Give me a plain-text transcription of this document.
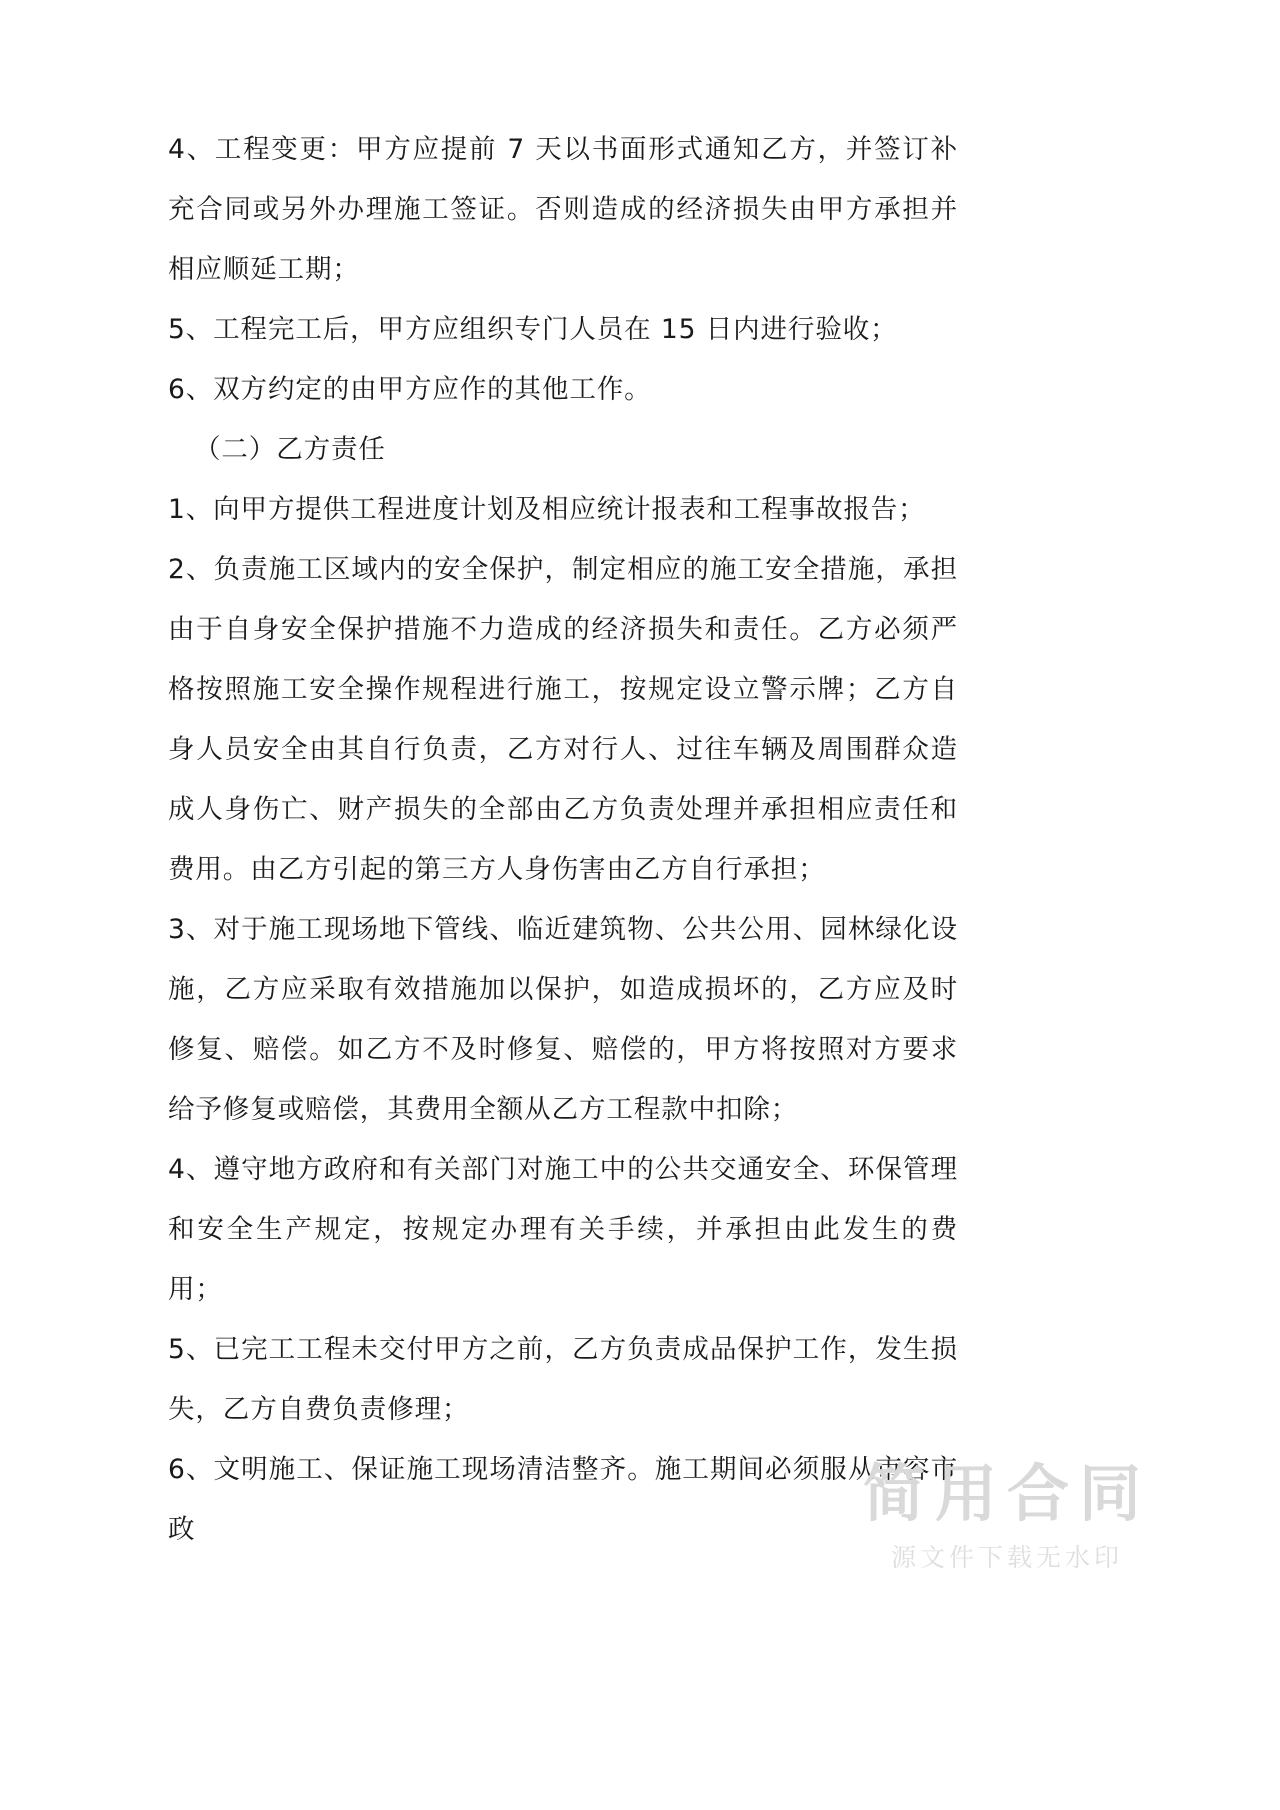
4、工程变更：甲方应提前 7 天以书面形式通知乙方，并签订补充合同或另外办理施工签证。否则造成的经济损失由甲方承担并相应顺延工期；

5、工程完工后，甲方应组织专门人员在 15 日内进行验收；

6、双方约定的由甲方应作的其他工作。

（二）乙方责任

1、向甲方提供工程进度计划及相应统计报表和工程事故报告；

2、负责施工区域内的安全保护，制定相应的施工安全措施，承担由于自身安全保护措施不力造成的经济损失和责任。乙方必须严格按照施工安全操作规程进行施工，按规定设立警示牌；乙方自身人员安全由其自行负责，乙方对行人、过往车辆及周围群众造成人身伤亡、财产损失的全部由乙方负责处理并承担相应责任和费用。由乙方引起的第三方人身伤害由乙方自行承担；

3、对于施工现场地下管线、临近建筑物、公共公用、园林绿化设施，乙方应采取有效措施加以保护，如造成损坏的，乙方应及时修复、赔偿。如乙方不及时修复、赔偿的，甲方将按照对方要求给予修复或赔偿，其费用全额从乙方工程款中扣除；

4、遵守地方政府和有关部门对施工中的公共交通安全、环保管理和安全生产规定，按规定办理有关手续，并承担由此发生的费用；

5、已完工工程未交付甲方之前，乙方负责成品保护工作，发生损失，乙方自费负责修理；

6、文明施工、保证施工现场清洁整齐。施工期间必须服从市容市政	简用合同
源文件下载无水印
